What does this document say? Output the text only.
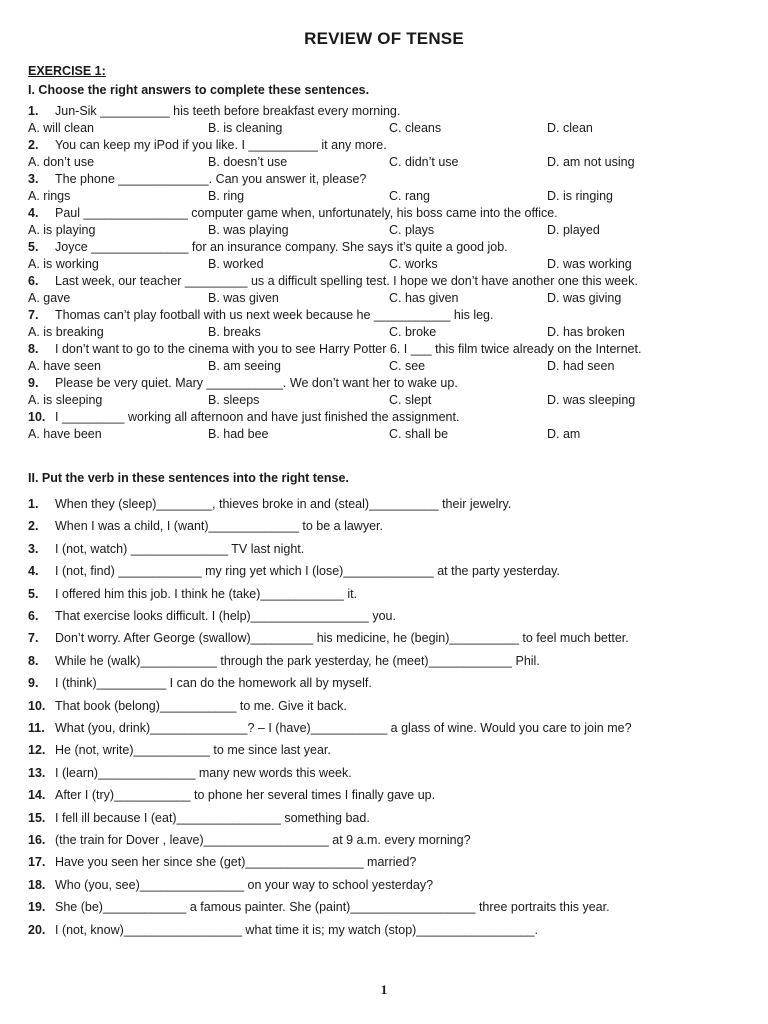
REVIEW OF TENSE
EXERCISE 1:
I. Choose the right answers to complete these sentences.
1. Jun-Sik __________ his teeth before breakfast every morning.
A. will clean	B. is cleaning	C. cleans	D. clean
2. You can keep my iPod if you like. I __________ it any more.
A. don’t use	B. doesn’t use	C. didn’t use	D. am not using
3. The phone _____________. Can you answer it, please?
A. rings	B. ring	C. rang	D. is ringing
4. Paul _______________ computer game when, unfortunately, his boss came into the office.
A. is playing	B. was playing	C. plays	D. played
5. Joyce ______________ for an insurance company. She says it’s quite a good job.
A. is working	B. worked	C. works	D. was working
6. Last week, our teacher _________ us a difficult spelling test. I hope we don’t have another one this week.
A. gave	B. was given	C. has given	D. was giving
7. Thomas can’t play football with us next week because he ___________ his leg.
A. is breaking	B. breaks	C. broke	D. has broken
8. I don’t want to go to the cinema with you to see Harry Potter 6. I ___ this film twice already on the Internet.
A. have seen	B. am seeing	C. see	D. had seen
9. Please be very quiet. Mary ___________. We don’t want her to wake up.
A. is sleeping	B. sleeps	C. slept	D. was sleeping
10. I _________ working all afternoon and have just finished the assignment.
A. have been	B. had bee	C. shall be	D. am
II. Put the verb in these sentences into the right tense.
1. When they (sleep)________, thieves broke in and (steal)__________ their jewelry.
2. When I was a child, I (want)_____________ to be a lawyer.
3. I (not, watch) ______________ TV last night.
4. I (not, find) ____________ my ring yet which I (lose)_____________ at the party yesterday.
5. I offered him this job. I think he (take)____________ it.
6. That exercise looks difficult. I (help)_________________ you.
7. Don’t worry. After George (swallow)_________ his medicine, he (begin)__________ to feel much better.
8. While he (walk)___________ through the park yesterday, he (meet)____________ Phil.
9. I (think)__________ I can do the homework all by myself.
10. That book (belong)___________ to me. Give it back.
11. What (you, drink)______________? – I (have)___________ a glass of wine. Would you care to join me?
12. He (not, write)___________ to me since last year.
13. I (learn)______________ many new words this week.
14. After I (try)___________ to phone her several times I finally gave up.
15. I fell ill because I (eat)_______________ something bad.
16. (the train for Dover , leave)__________________ at 9 a.m. every morning?
17. Have you seen her since she (get)_________________ married?
18. Who (you, see)_______________ on your way to school yesterday?
19. She (be)____________ a famous painter. She (paint)__________________ three portraits this year.
20. I (not, know)_________________ what time it is; my watch (stop)_________________.
1
